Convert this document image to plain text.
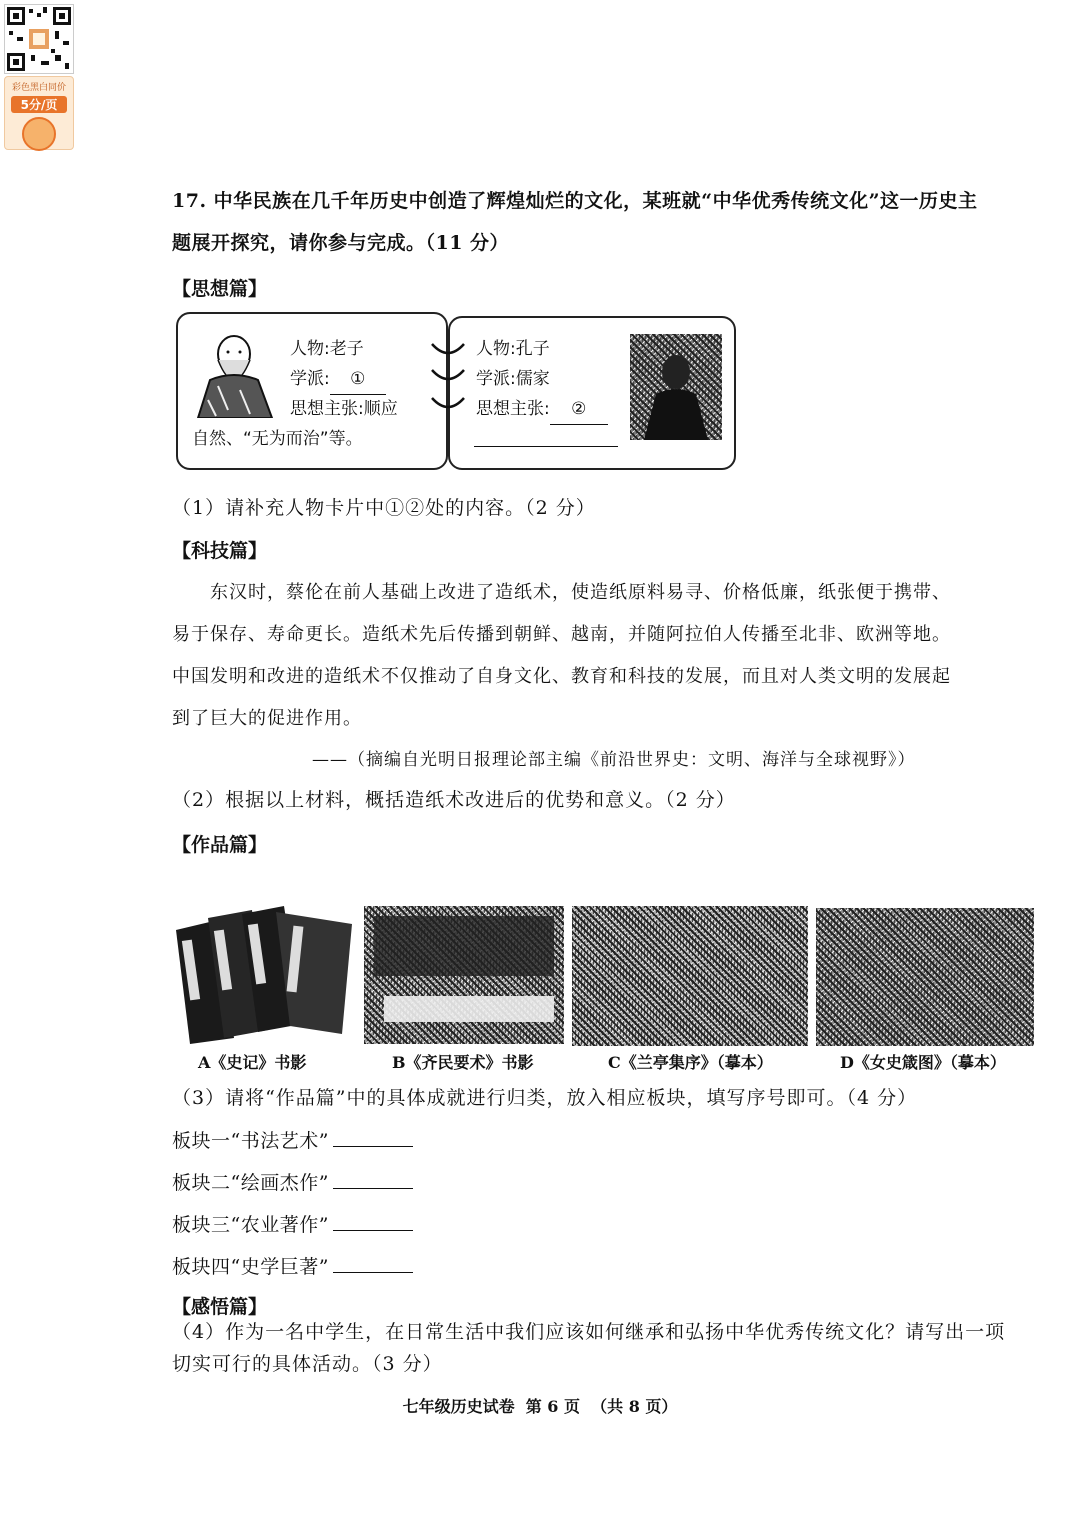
彩色黑白同价
5分/页
17. 中华民族在几千年历史中创造了辉煌灿烂的文化，某班就“中华优秀传统文化”这一历史主
题展开探究，请你参与完成。（11 分）
【思想篇】
人物:老子
学派: ①
思想主张:顺应
自然、“无为而治”等。
人物:孔子
学派:儒家
思想主张: ②
（1）请补充人物卡片中①②处的内容。（2 分）
【科技篇】
东汉时，蔡伦在前人基础上改进了造纸术，使造纸原料易寻、价格低廉，纸张便于携带、
易于保存、寿命更长。造纸术先后传播到朝鲜、越南，并随阿拉伯人传播至北非、欧洲等地。
中国发明和改进的造纸术不仅推动了自身文化、教育和科技的发展，而且对人类文明的发展起
到了巨大的促进作用。
——（摘编自光明日报理论部主编《前沿世界史：文明、海洋与全球视野》）
（2）根据以上材料，概括造纸术改进后的优势和意义。（2 分）
【作品篇】
A《史记》书影	B《齐民要术》书影	C《兰亭集序》（摹本）	D《女史箴图》（摹本）
（3）请将“作品篇”中的具体成就进行归类，放入相应板块，填写序号即可。（4 分）
板块一“书法艺术”
板块二“绘画杰作”
板块三“农业著作”
板块四“史学巨著”
【感悟篇】
（4）作为一名中学生，在日常生活中我们应该如何继承和弘扬中华优秀传统文化？请写出一项
切实可行的具体活动。（3 分）
七年级历史试卷  第 6 页  （共 8 页）
